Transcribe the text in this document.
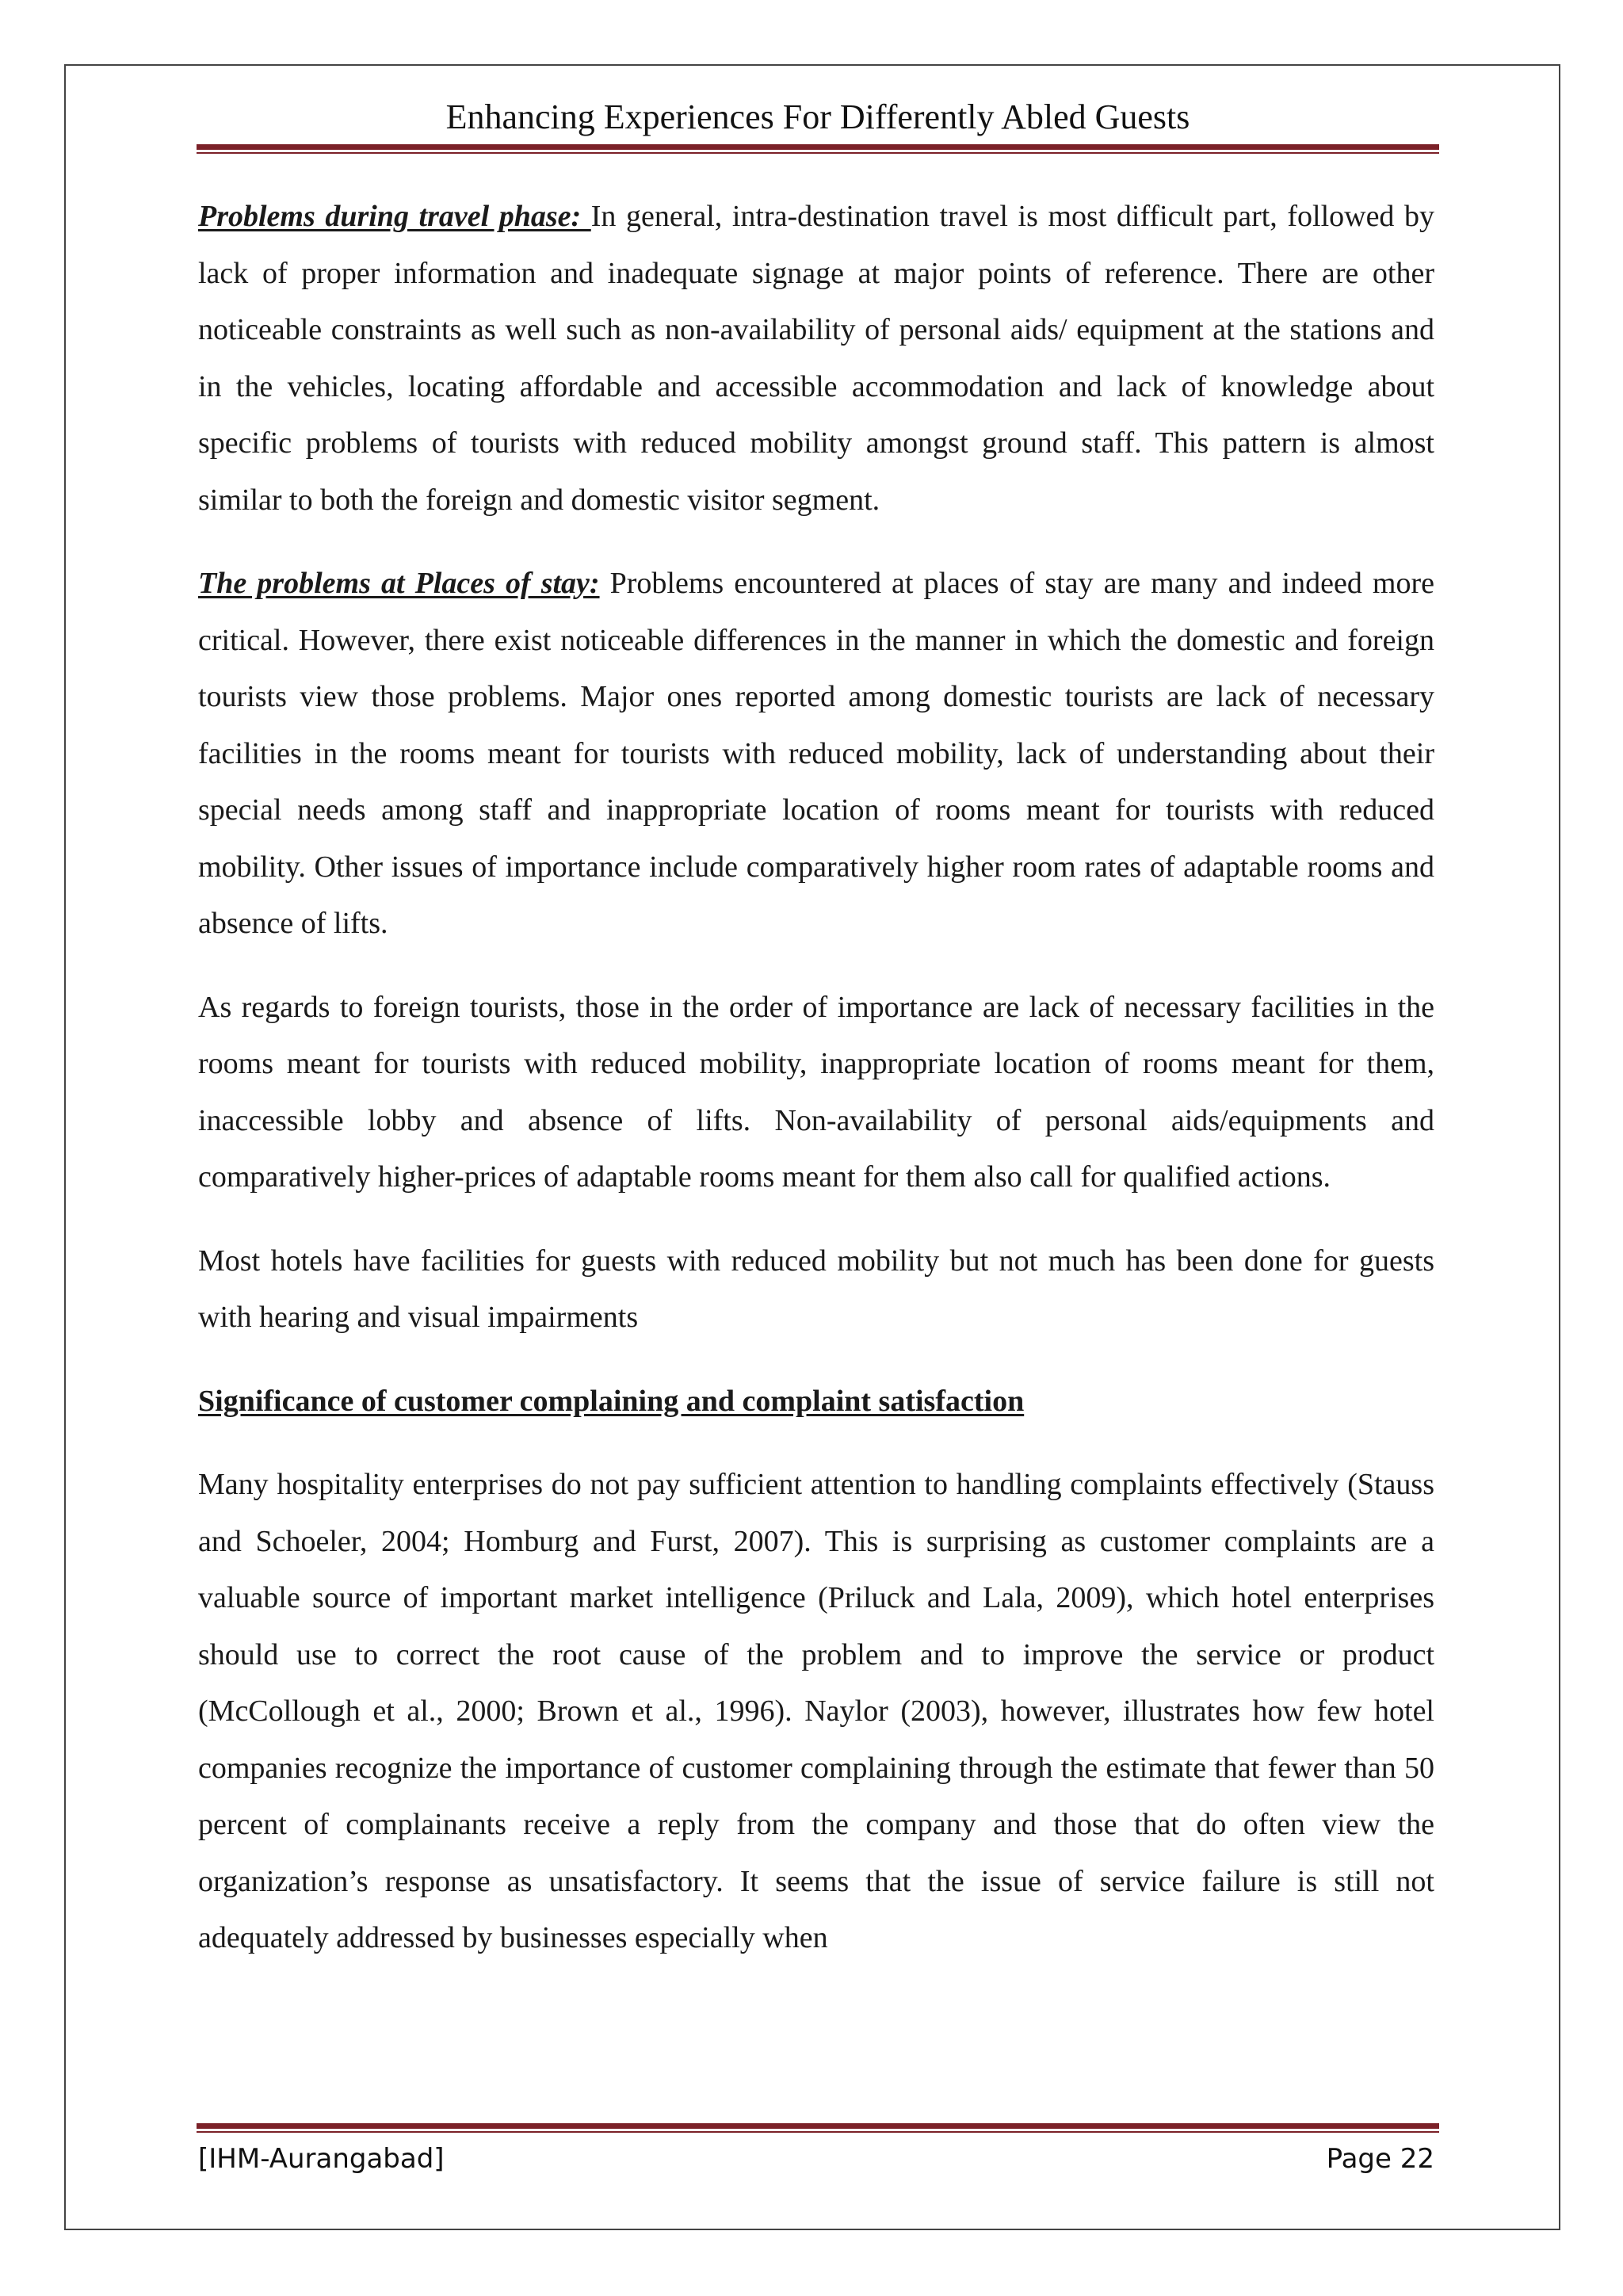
Enhancing Experiences For Differently Abled Guests

Problems during travel phase: In general, intra-destination travel is most difficult part, followed by lack of proper information and inadequate signage at major points of reference. There are other noticeable constraints as well such as non-availability of personal aids/ equipment at the stations and in the vehicles, locating affordable and accessible accommodation and lack of knowledge about specific problems of tourists with reduced mobility amongst ground staff. This pattern is almost similar to both the foreign and domestic visitor segment.

The problems at Places of stay: Problems encountered at places of stay are many and indeed more critical. However, there exist noticeable differences in the manner in which the domestic and foreign tourists view those problems. Major ones reported among domestic tourists are lack of necessary facilities in the rooms meant for tourists with reduced mobility, lack of understanding about their special needs among staff and inappropriate location of rooms meant for tourists with reduced mobility. Other issues of importance include comparatively higher room rates of adaptable rooms and absence of lifts.

As regards to foreign tourists, those in the order of importance are lack of necessary facilities in the rooms meant for tourists with reduced mobility, inappropriate location of rooms meant for them, inaccessible lobby and absence of lifts. Non-availability of personal aids/equipments and comparatively higher-prices of adaptable rooms meant for them also call for qualified actions.

Most hotels have facilities for guests with reduced mobility but not much has been done for guests with hearing and visual impairments

Significance of customer complaining and complaint satisfaction

Many hospitality enterprises do not pay sufficient attention to handling complaints effectively (Stauss and Schoeler, 2004; Homburg and Furst, 2007). This is surprising as customer complaints are a valuable source of important market intelligence (Priluck and Lala, 2009), which hotel enterprises should use to correct the root cause of the problem and to improve the service or product (McCollough et al., 2000; Brown et al., 1996). Naylor (2003), however, illustrates how few hotel companies recognize the importance of customer complaining through the estimate that fewer than 50 percent of complainants receive a reply from the company and those that do often view the organization’s response as unsatisfactory. It seems that the issue of service failure is still not adequately addressed by businesses especially when

[IHM-Aurangabad]	Page 22
